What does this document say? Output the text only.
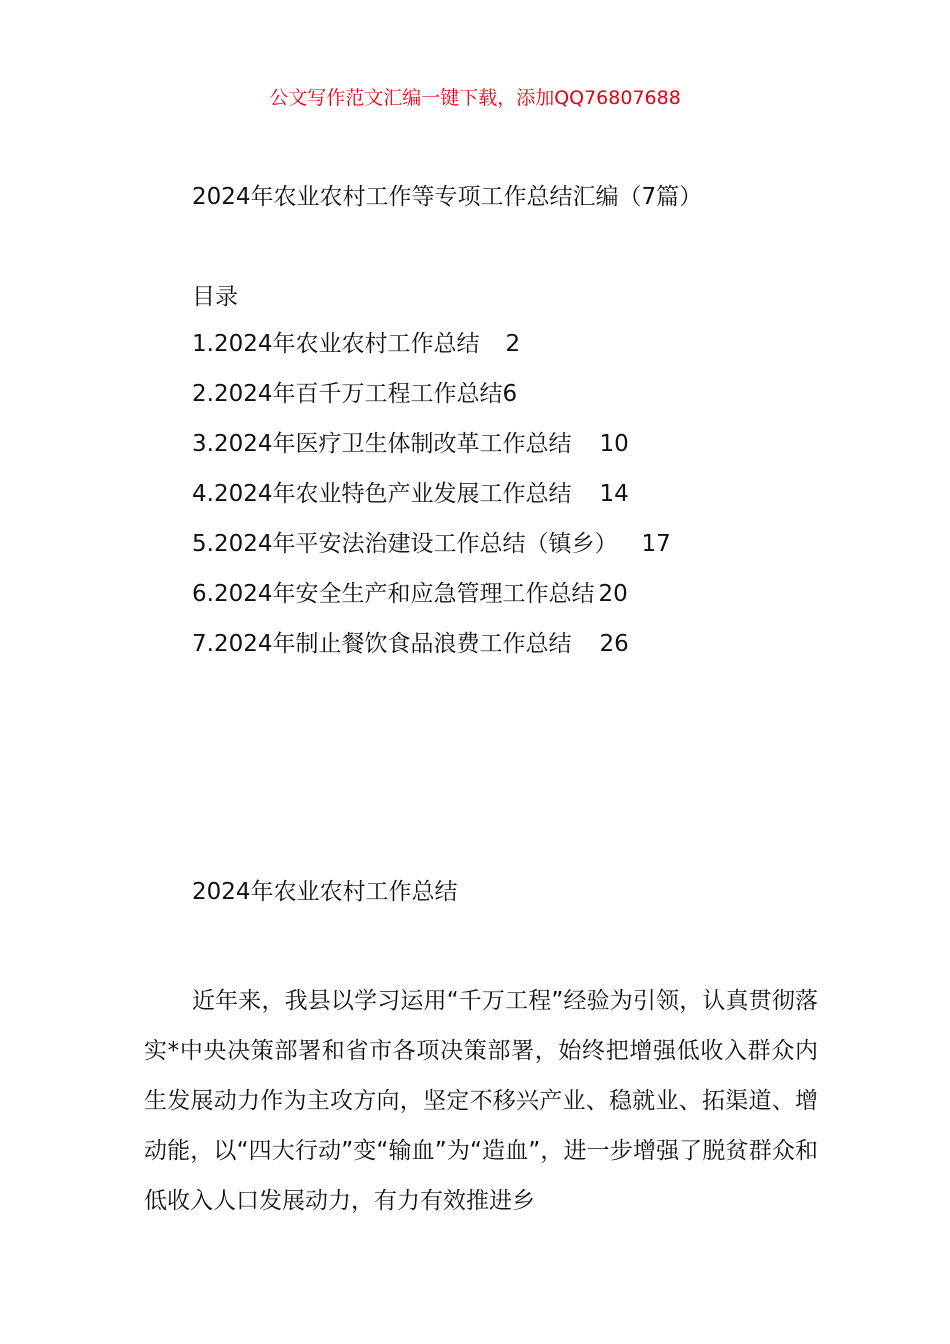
公文写作范文汇编一键下载，添加QQ76807688
2024年农业农村工作等专项工作总结汇编（7篇）
目录
1.2024年农业农村工作总结 2
2.2024年百千万工程工作总结6
3.2024年医疗卫生体制改革工作总结 10
4.2024年农业特色产业发展工作总结 14
5.2024年平安法治建设工作总结（镇乡） 17
6.2024年安全生产和应急管理工作总结 20
7.2024年制止餐饮食品浪费工作总结 26
2024年农业农村工作总结

近年来，我县以学习运用“千万工程”经验为引领，认真贯彻落实*中央决策部署和省市各项决策部署，始终把增强低收入群众内生发展动力作为主攻方向，坚定不移兴产业、稳就业、拓渠道、增动能，以“四大行动”变“输血”为“造血”，进一步增强了脱贫群众和低收入人口发展动力，有力有效推进乡
